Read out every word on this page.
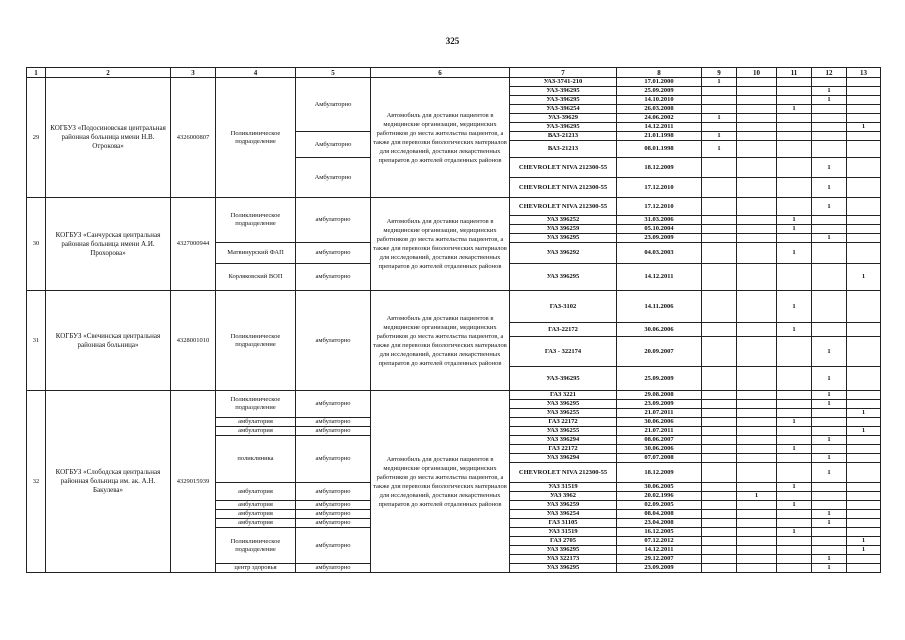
325
1	2	3	4	5	6	7	8	9	10	11	12	13
29	КОГБУЗ «Подосиновская центральная районная больница имени Н.В. Отрокова»	4326000807	Поликлиническое подразделение	Амбулаторно	Автомобиль для доставки пациентов в медицинские организации, медицинских работников до места жительства пациентов, а также для перевозки биологических материалов для исследований, доставки лекарственных препаратов до жителей отдаленных районов	УАЗ-3741-210	17.01.2000	1				
						УАЗ-396295	25.09.2009				1	
						УАЗ-396295	14.10.2010				1	
						УАЗ-396254	26.03.2008			1		
						УАЗ-39629	24.06.2002	1				
						УАЗ-396295	14.12.2011					1
				Амбулаторно		ВАЗ-21213	21.01.1998	1				
						ВАЗ-21213	08.01.1998	1				
				Амбулаторно		CHEVROLET NIVA 212300-55	18.12.2009				1	
						CHEVROLET NIVA 212300-55	17.12.2010				1	
30	КОГБУЗ «Санчурская центральная районная больница имени А.И. Прохорова»	4327000944	Поликлиническое подразделение	амбулаторно	Автомобиль для доставки пациентов в медицинские организации, медицинских работников до места жительства пациентов, а также для перевозки биологических материалов для исследований, доставки лекарственных препаратов до жителей отдаленных районов	CHEVROLET NIVA 212300-55	17.12.2010				1	
						УАЗ 396252	31.03.2006			1		
						УАЗ 396259	05.10.2004			1		
						УАЗ 396295	23.09.2009				1	
			Матвинурский ФАП	амбулаторно		УАЗ 396292	04.03.2003			1		
			Корляковский ВОП	амбулаторно		УАЗ 396295	14.12.2011					1
31	КОГБУЗ «Свечинская центральная районная больница»	4328001010	Поликлиническое подразделение	амбулаторно	Автомобиль для доставки пациентов в медицинские организации, медицинских работников до места жительства пациентов, а также для перевозки биологических материалов для исследований, доставки лекарственных препаратов до жителей отдаленных районов	ГАЗ-3102	14.11.2006			1		
						ГАЗ-22172	30.06.2006			1		
						ГАЗ - 322174	20.09.2007				1	
						УАЗ-396295	25.09.2009				1	
32	КОГБУЗ «Слободская центральная районная больница им. ак. А.Н. Бакулева»	4329015939	Поликлиническое подразделение	амбулаторно	Автомобиль для доставки пациентов в медицинские организации, медицинских работников до места жительства пациентов, а также для перевозки биологических материалов для исследований, доставки лекарственных препаратов до жителей отдаленных районов	ГАЗ 3221	29.08.2008				1	
						УАЗ 396295	23.09.2009				1	
						УАЗ 396255	21.07.2011					1
			амбулатория	амбулаторно		ГАЗ 22172	30.06.2006			1		
			амбулатория	амбулаторно		УАЗ 396255	21.07.2011					1
			поликлиника	амбулаторно		УАЗ 396294	08.06.2007				1	
						ГАЗ 22172	30.06.2006			1		
						УАЗ 396294	07.07.2008				1	
						CHEVROLET NIVA 212300-55	18.12.2009				1	
			амбулатория	амбулаторно		УАЗ 31519	30.06.2005			1		
						УАЗ 3962	20.02.1996		1			
			амбулатория	амбулаторно		УАЗ 396259	02.09.2005			1		
			амбулатория	амбулаторно		УАЗ 396254	08.04.2008				1	
			амбулатория	амбулаторно		ГАЗ 31105	23.04.2008				1	
			Поликлиническое подразделение	амбулаторно		УАЗ 31519	16.12.2005			1		
						ГАЗ 2705	07.12.2012					1
						УАЗ 396295	14.12.2011					1
						УАЗ 322173	29.12.2007				1	
			центр здоровья	амбулаторно		УАЗ 396295	23.09.2009				1	
